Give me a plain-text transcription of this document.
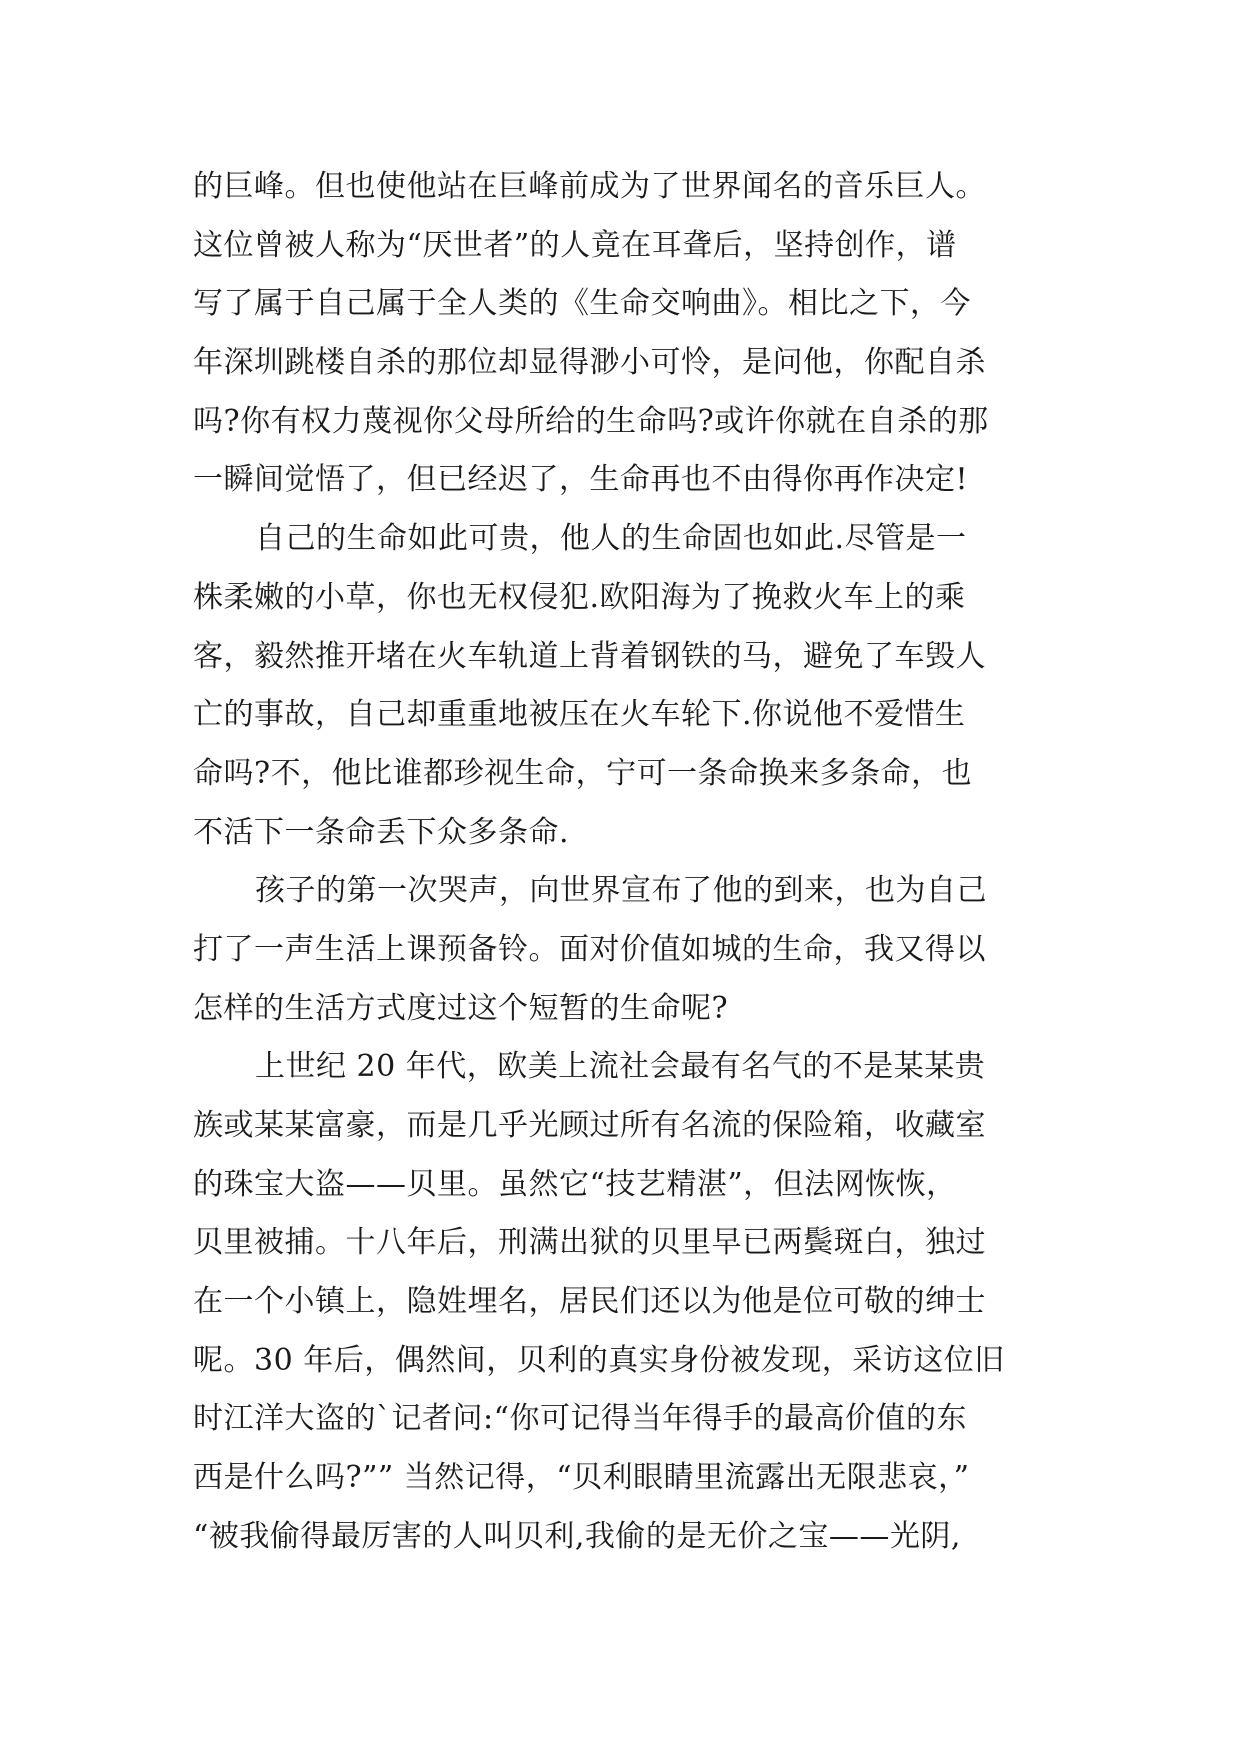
的巨峰。但也使他站在巨峰前成为了世界闻名的音乐巨人。
这位曾被人称为“厌世者”的人竟在耳聋后，坚持创作，谱
写了属于自己属于全人类的《生命交响曲》。相比之下，今
年深圳跳楼自杀的那位却显得渺小可怜，是问他，你配自杀
吗?你有权力蔑视你父母所给的生命吗?或许你就在自杀的那
一瞬间觉悟了，但已经迟了，生命再也不由得你再作决定!
自己的生命如此可贵，他人的生命固也如此.尽管是一
株柔嫩的小草，你也无权侵犯.欧阳海为了挽救火车上的乘
客，毅然推开堵在火车轨道上背着钢铁的马，避免了车毁人
亡的事故，自己却重重地被压在火车轮下.你说他不爱惜生
命吗?不，他比谁都珍视生命，宁可一条命换来多条命，也
不活下一条命丢下众多条命.
孩子的第一次哭声，向世界宣布了他的到来，也为自己
打了一声生活上课预备铃。面对价值如城的生命，我又得以
怎样的生活方式度过这个短暂的生命呢?
上世纪 20 年代，欧美上流社会最有名气的不是某某贵
族或某某富豪，而是几乎光顾过所有名流的保险箱，收藏室
的珠宝大盗——贝里。虽然它“技艺精湛”，但法网恢恢，
贝里被捕。十八年后，刑满出狱的贝里早已两鬓斑白，独过
在一个小镇上，隐姓埋名，居民们还以为他是位可敬的绅士
呢。30 年后，偶然间，贝利的真实身份被发现，采访这位旧
时江洋大盗的`记者问:“你可记得当年得手的最高价值的东
西是什么吗?”” 当然记得，“贝利眼睛里流露出无限悲哀，”
“被我偷得最厉害的人叫贝利,我偷的是无价之宝——光阴,
